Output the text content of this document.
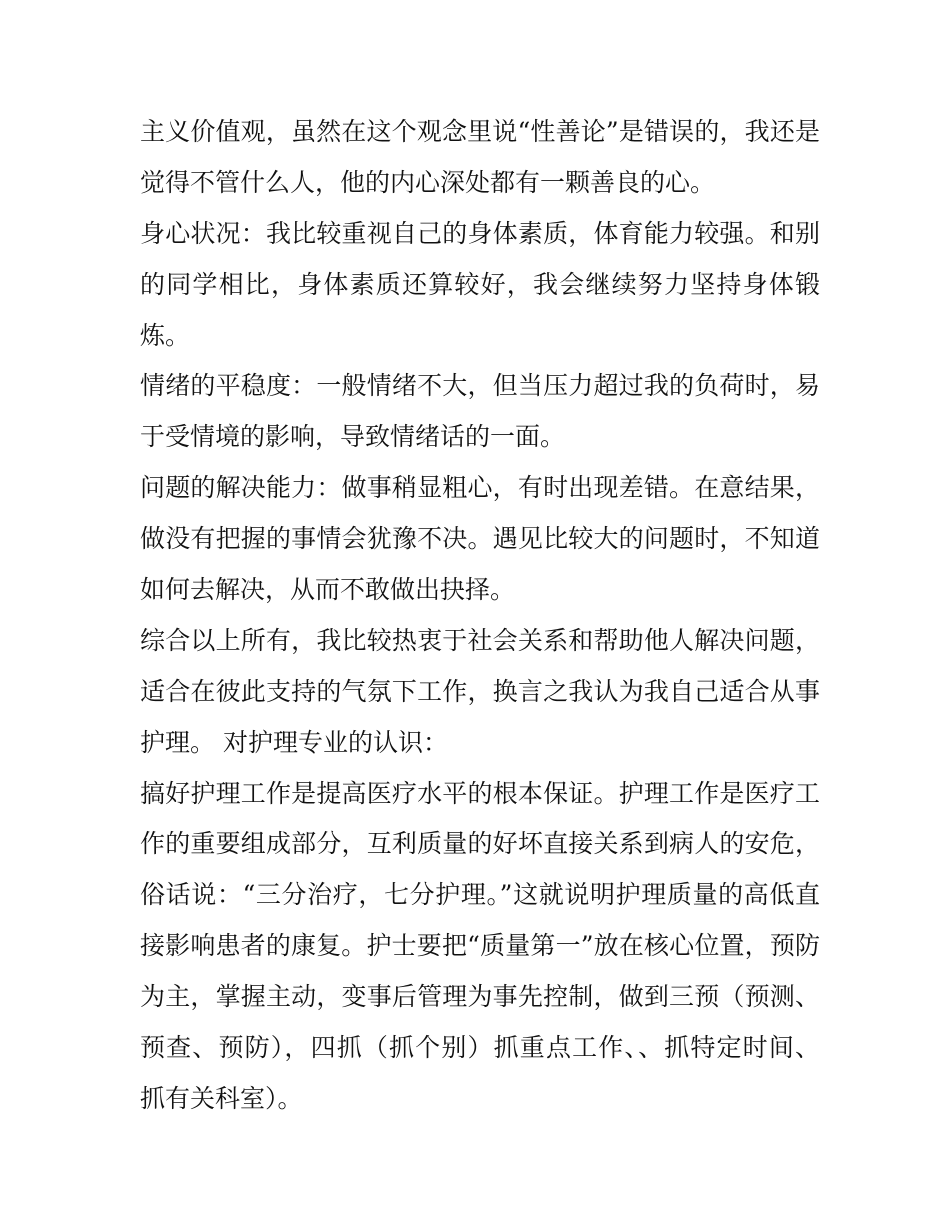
主义价值观，虽然在这个观念里说“性善论”是错误的，我还是
觉得不管什么人，他的内心深处都有一颗善良的心。
身心状况：我比较重视自己的身体素质，体育能力较强。和别
的同学相比，身体素质还算较好，我会继续努力坚持身体锻
炼。
情绪的平稳度：一般情绪不大，但当压力超过我的负荷时，易
于受情境的影响，导致情绪话的一面。
问题的解决能力：做事稍显粗心，有时出现差错。在意结果，
做没有把握的事情会犹豫不决。遇见比较大的问题时，不知道
如何去解决，从而不敢做出抉择。
综合以上所有，我比较热衷于社会关系和帮助他人解决问题，
适合在彼此支持的气氛下工作，换言之我认为我自己适合从事
护理。 对护理专业的认识：
搞好护理工作是提高医疗水平的根本保证。护理工作是医疗工
作的重要组成部分，互利质量的好坏直接关系到病人的安危，
俗话说：“三分治疗，七分护理。”这就说明护理质量的高低直
接影响患者的康复。护士要把“质量第一”放在核心位置，预防
为主，掌握主动，变事后管理为事先控制，做到三预（预测、
预查、预防），四抓（抓个别）抓重点工作、、抓特定时间、
抓有关科室）。
